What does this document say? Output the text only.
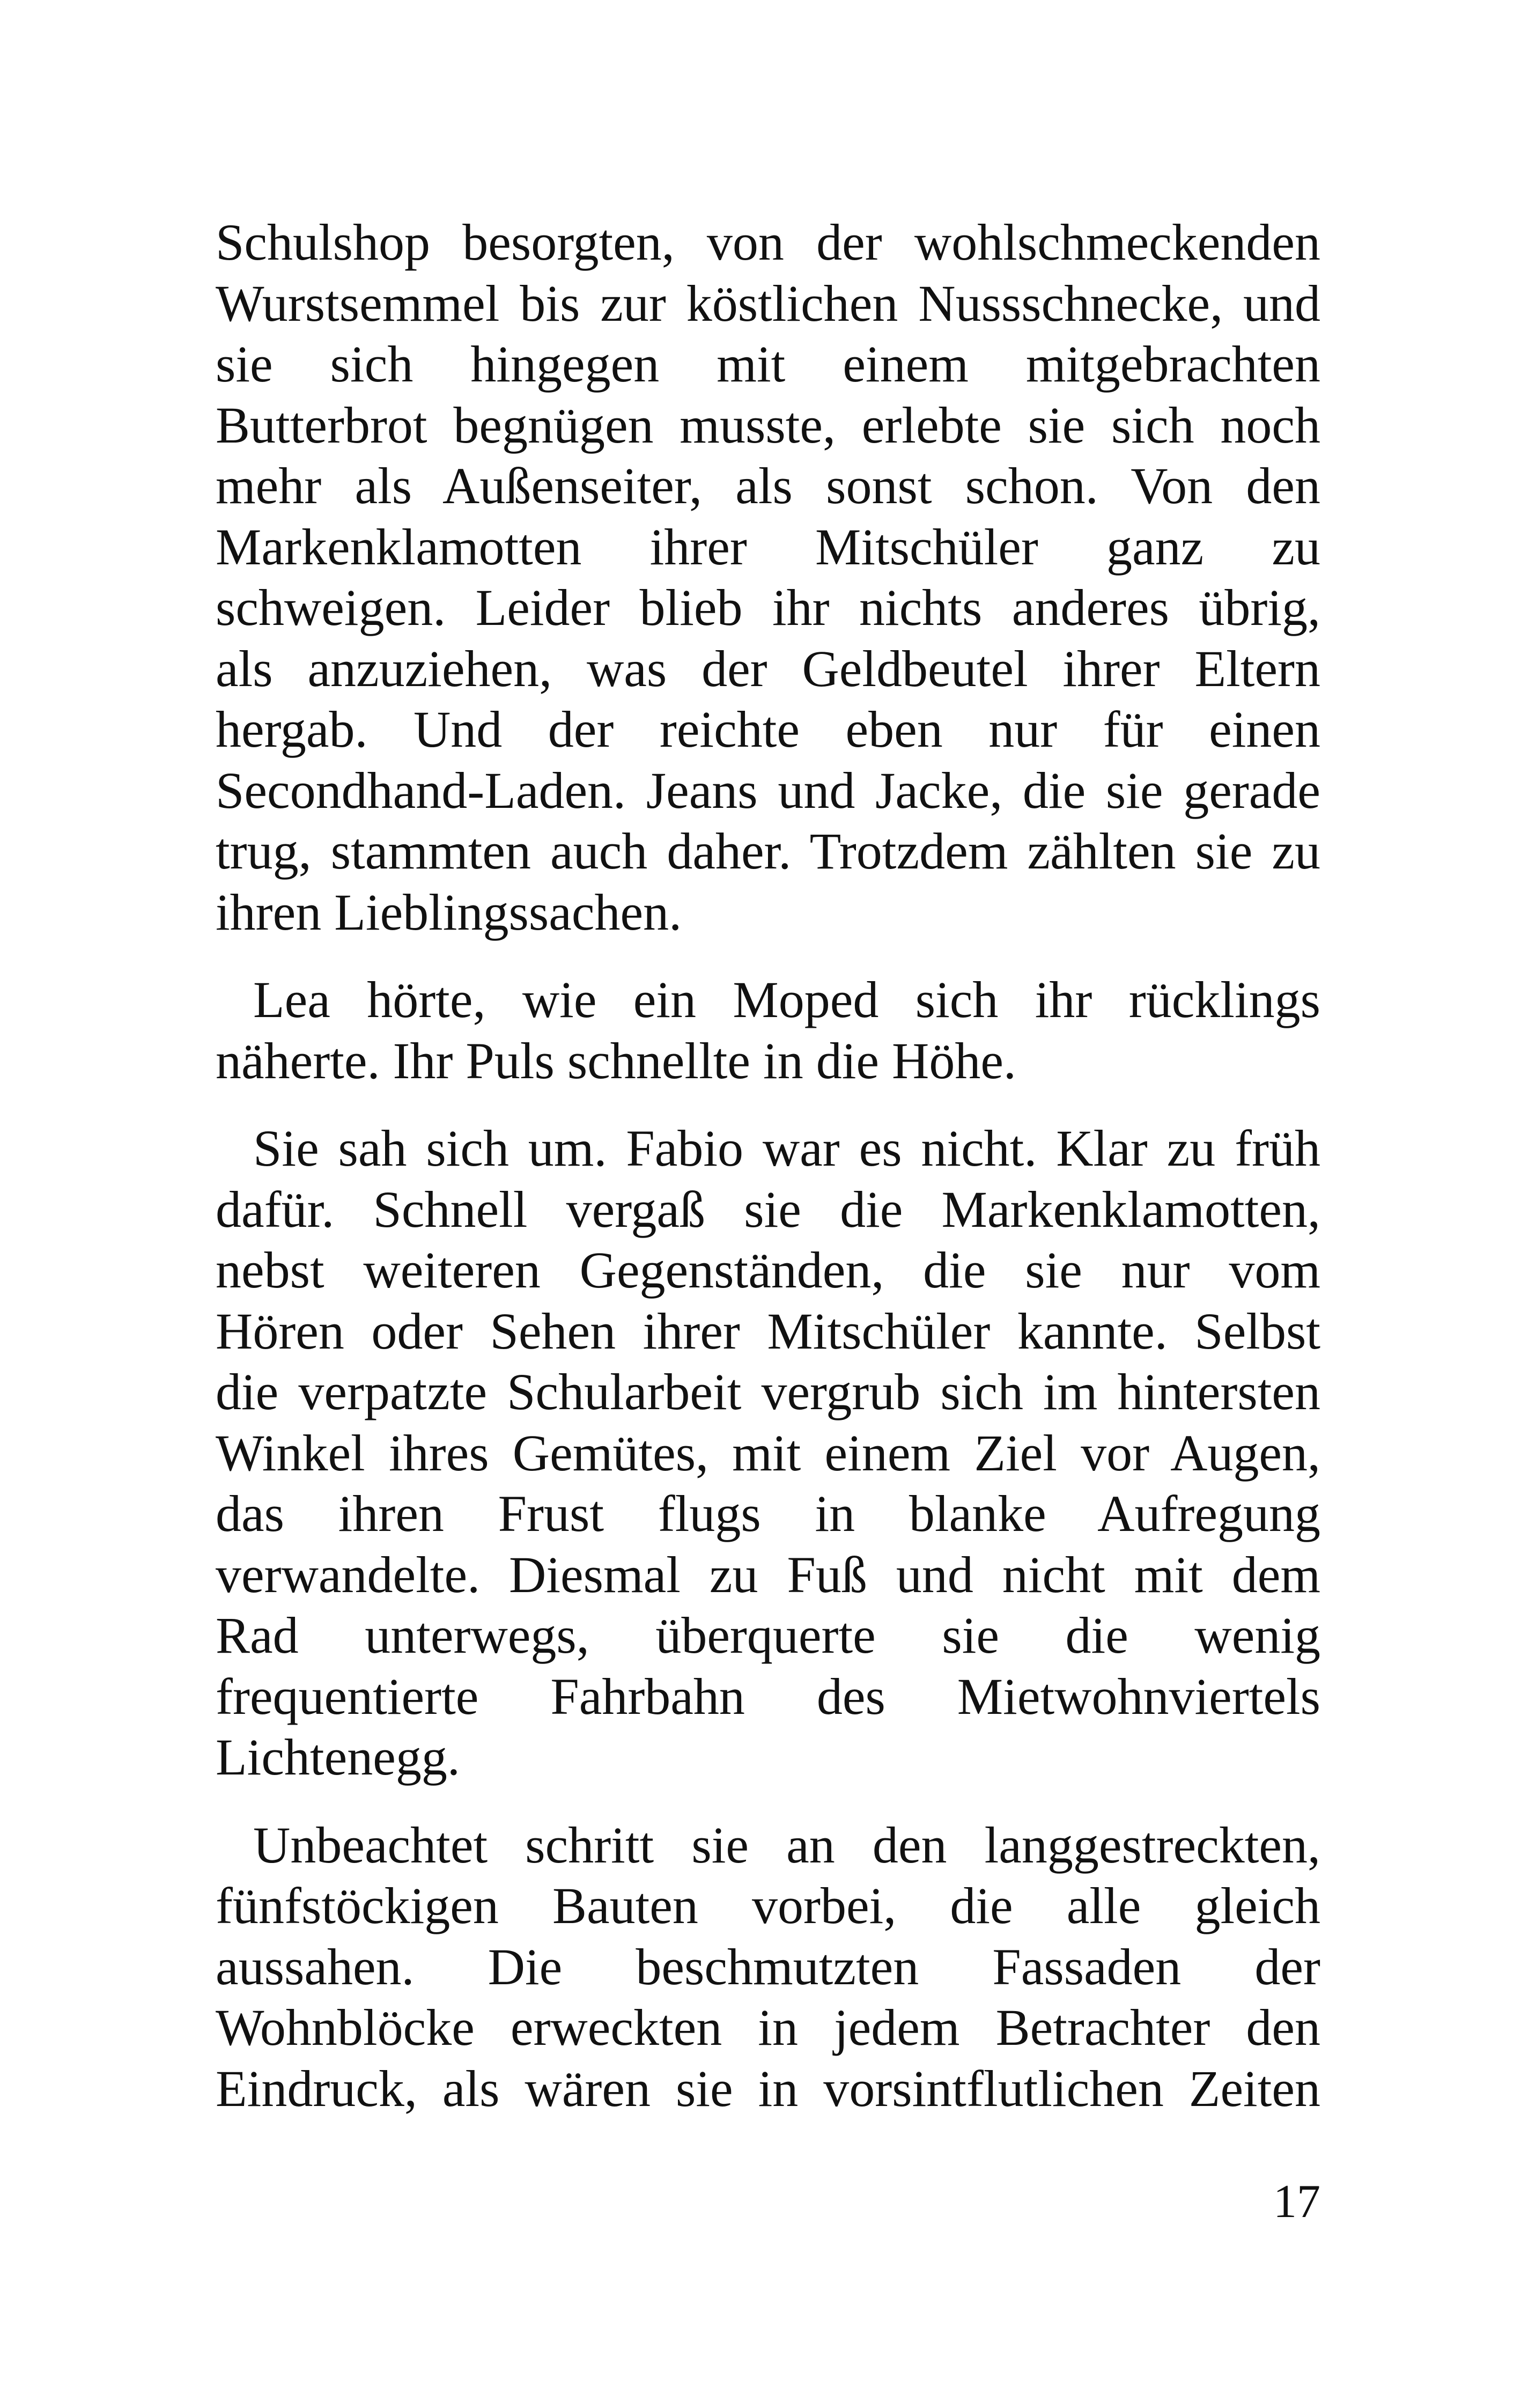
Schulshop besorgten, von der wohlschmeckenden
Wurstsemmel bis zur köstlichen Nussschnecke, und
sie sich hingegen mit einem mitgebrachten
Butterbrot begnügen musste, erlebte sie sich noch
mehr als Außenseiter, als sonst schon. Von den
Markenklamotten ihrer Mitschüler ganz zu
schweigen. Leider blieb ihr nichts anderes übrig,
als anzuziehen, was der Geldbeutel ihrer Eltern
hergab. Und der reichte eben nur für einen
Secondhand-Laden. Jeans und Jacke, die sie gerade
trug, stammten auch daher. Trotzdem zählten sie zu
ihren Lieblingssachen.

Lea hörte, wie ein Moped sich ihr rücklings
näherte. Ihr Puls schnellte in die Höhe.

Sie sah sich um. Fabio war es nicht. Klar zu früh
dafür. Schnell vergaß sie die Markenklamotten,
nebst weiteren Gegenständen, die sie nur vom
Hören oder Sehen ihrer Mitschüler kannte. Selbst
die verpatzte Schularbeit vergrub sich im hintersten
Winkel ihres Gemütes, mit einem Ziel vor Augen,
das ihren Frust flugs in blanke Aufregung
verwandelte. Diesmal zu Fuß und nicht mit dem
Rad unterwegs, überquerte sie die wenig
frequentierte Fahrbahn des Mietwohnviertels
Lichtenegg.

Unbeachtet schritt sie an den langgestreckten,
fünfstöckigen Bauten vorbei, die alle gleich
aussahen. Die beschmutzten Fassaden der
Wohnblöcke erweckten in jedem Betrachter den
Eindruck, als wären sie in vorsintflutlichen Zeiten

17
